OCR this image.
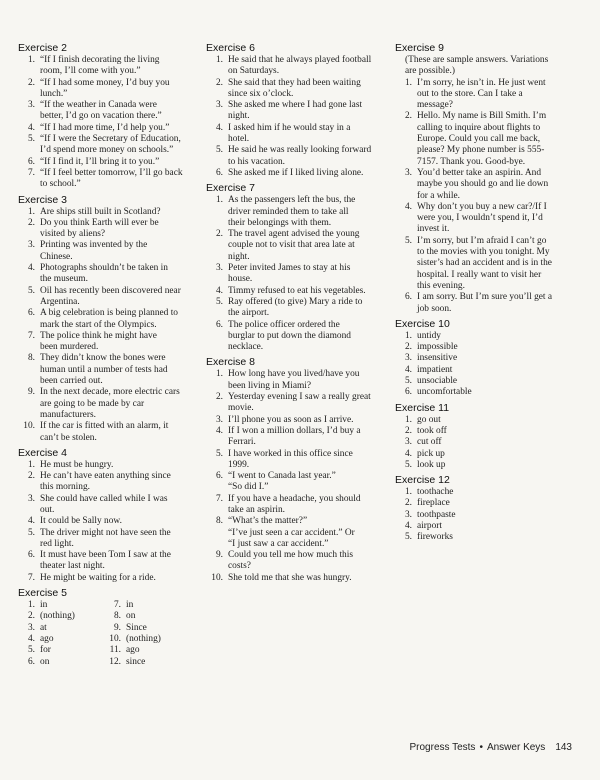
Exercise 2
1. “If I finish decorating the living
room, I’ll come with you.”
2. “If I had some money, I’d buy you
lunch.”
3. “If the weather in Canada were
better, I’d go on vacation there.”
4. “If I had more time, I’d help you.”
5. “If I were the Secretary of Education,
I’d spend more money on schools.”
6. “If I find it, I’ll bring it to you.”
7. “If I feel better tomorrow, I’ll go back
to school.”
Exercise 3
1. Are ships still built in Scotland?
2. Do you think Earth will ever be
visited by aliens?
3. Printing was invented by the
Chinese.
4. Photographs shouldn’t be taken in
the museum.
5. Oil has recently been discovered near
Argentina.
6. A big celebration is being planned to
mark the start of the Olympics.
7. The police think he might have
been murdered.
8. They didn’t know the bones were
human until a number of tests had
been carried out.
9. In the next decade, more electric cars
are going to be made by car
manufacturers.
10. If the car is fitted with an alarm, it
can’t be stolen.
Exercise 4
1. He must be hungry.
2. He can’t have eaten anything since
this morning.
3. She could have called while I was
out.
4. It could be Sally now.
5. The driver might not have seen the
red light.
6. It must have been Tom I saw at the
theater last night.
7. He might be waiting for a ride.
Exercise 5
1. in
2. (nothing)
3. at
4. ago
5. for
6. on
7. in
8. on
9. Since
10. (nothing)
11. ago
12. since
Exercise 6
1. He said that he always played football
on Saturdays.
2. She said that they had been waiting
since six o’clock.
3. She asked me where I had gone last
night.
4. I asked him if he would stay in a
hotel.
5. He said he was really looking forward
to his vacation.
6. She asked me if I liked living alone.
Exercise 7
1. As the passengers left the bus, the
driver reminded them to take all
their belongings with them.
2. The travel agent advised the young
couple not to visit that area late at
night.
3. Peter invited James to stay at his
house.
4. Timmy refused to eat his vegetables.
5. Ray offered (to give) Mary a ride to
the airport.
6. The police officer ordered the
burglar to put down the diamond
necklace.
Exercise 8
1. How long have you lived/have you
been living in Miami?
2. Yesterday evening I saw a really great
movie.
3. I’ll phone you as soon as I arrive.
4. If I won a million dollars, I’d buy a
Ferrari.
5. I have worked in this office since
1999.
6. “I went to Canada last year.”
“So did I.”
7. If you have a headache, you should
take an aspirin.
8. “What’s the matter?”
“I’ve just seen a car accident.” Or
“I just saw a car accident.”
9. Could you tell me how much this
costs?
10. She told me that she was hungry.
Exercise 9
(These are sample answers. Variations
are possible.)
1. I’m sorry, he isn’t in. He just went
out to the store. Can I take a
message?
2. Hello. My name is Bill Smith. I’m
calling to inquire about flights to
Europe. Could you call me back,
please? My phone number is 555-
7157. Thank you. Good-bye.
3. You’d better take an aspirin. And
maybe you should go and lie down
for a while.
4. Why don’t you buy a new car?/If I
were you, I wouldn’t spend it, I’d
invest it.
5. I’m sorry, but I’m afraid I can’t go
to the movies with you tonight. My
sister’s had an accident and is in the
hospital. I really want to visit her
this evening.
6. I am sorry. But I’m sure you’ll get a
job soon.
Exercise 10
1. untidy
2. impossible
3. insensitive
4. impatient
5. unsociable
6. uncomfortable
Exercise 11
1. go out
2. took off
3. cut off
4. pick up
5. look up
Exercise 12
1. toothache
2. fireplace
3. toothpaste
4. airport
5. fireworks
Progress Tests • Answer Keys 143
